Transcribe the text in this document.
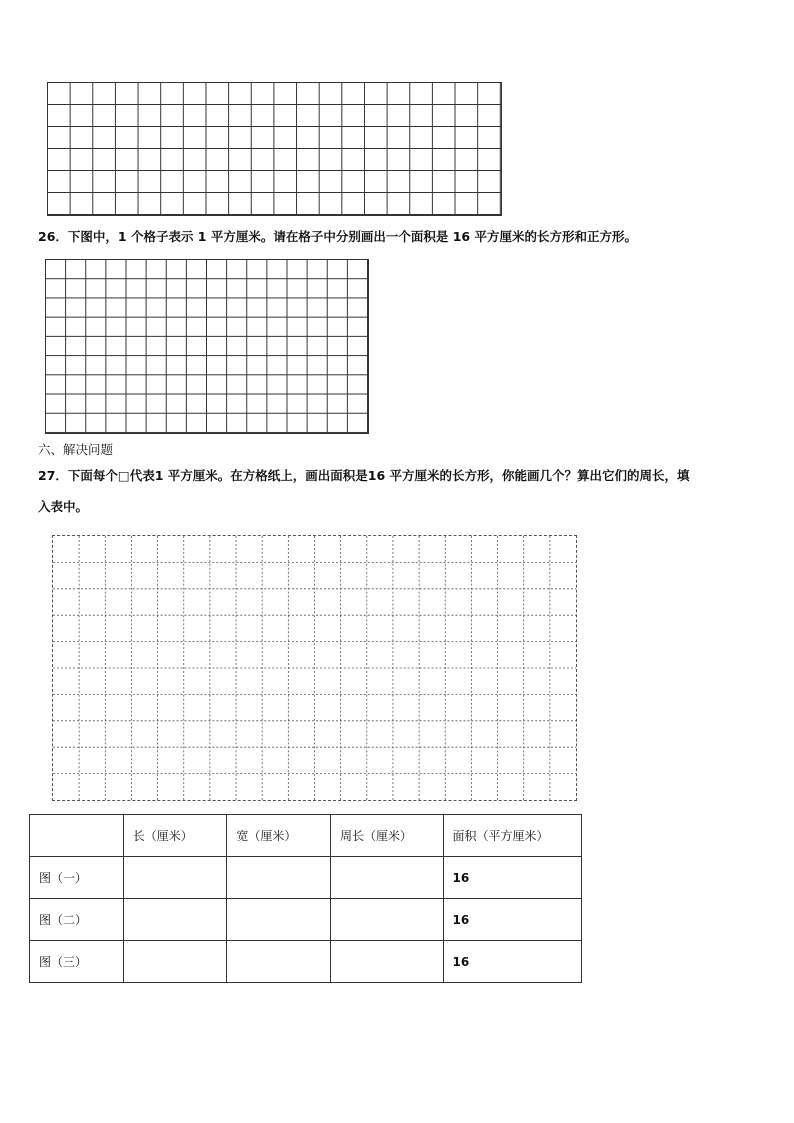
26．下图中，1 个格子表示 1 平方厘米。请在格子中分别画出一个面积是 16 平方厘米的长方形和正方形。
六、解决问题
27．下面每个□代表1 平方厘米。在方格纸上，画出面积是16 平方厘米的长方形，你能画几个？算出它们的周长，填
入表中。
	长（厘米）	宽（厘米）	周长（厘米）	面积（平方厘米）
图（一）				16
图（二）				16
图（三）				16
